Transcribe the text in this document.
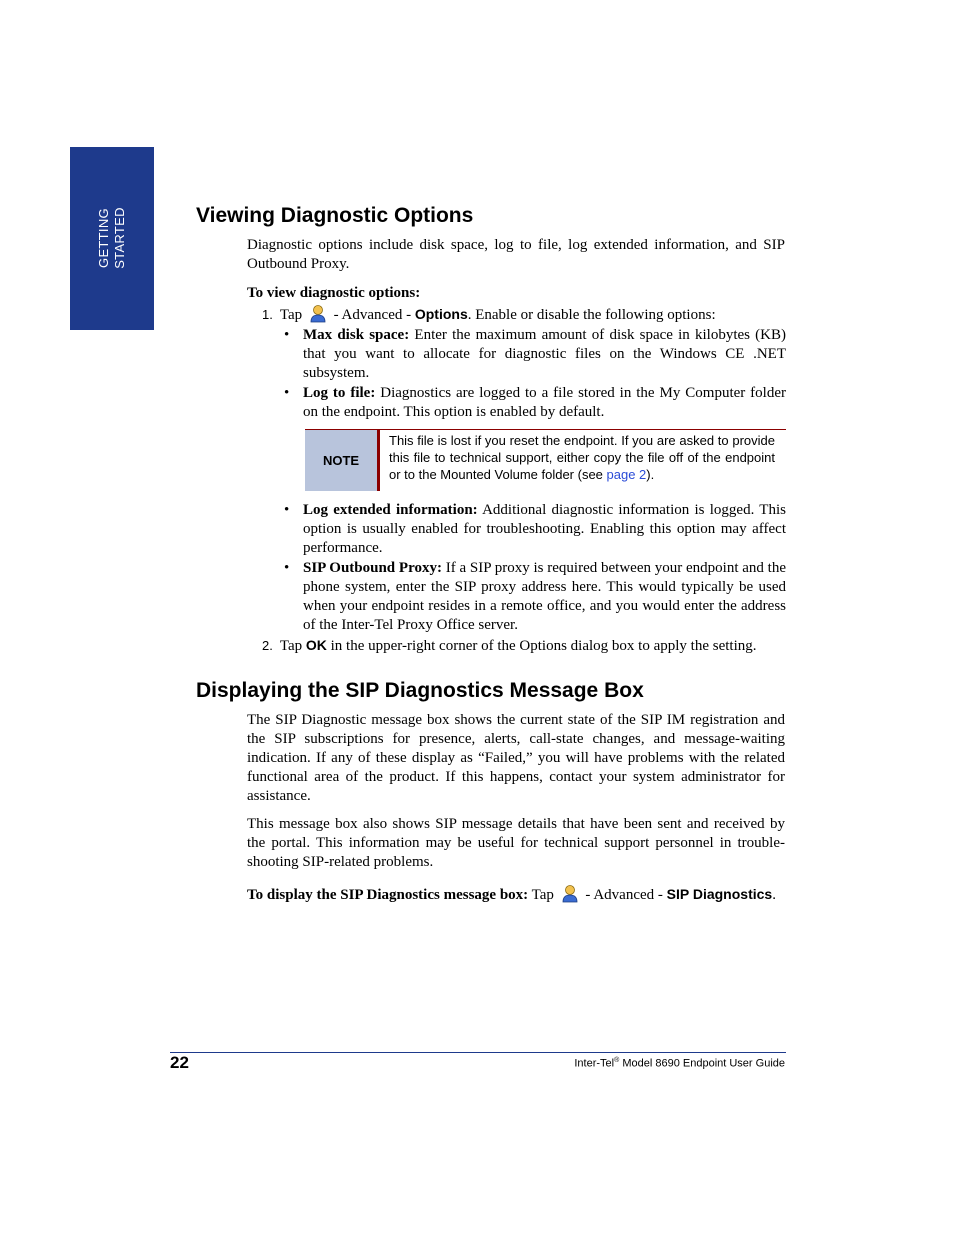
GETTING STARTED	Viewing Diagnostic Options

Diagnostic options include disk space, log to file, log extended information, and SIP Outbound Proxy.

To view diagnostic options:

1. Tap - Advanced - Options. Enable or disable the following options:
• Max disk space: Enter the maximum amount of disk space in kilobytes (KB) that you want to allocate for diagnostic files on the Windows CE .NET subsystem.
• Log to file: Diagnostics are logged to a file stored in the My Computer folder on the endpoint. This option is enabled by default.
NOTE
This file is lost if you reset the endpoint. If you are asked to provide this file to technical support, either copy the file off of the endpoint or to the Mounted Volume folder (see page 2).
• Log extended information: Additional diagnostic information is logged. This option is usually enabled for troubleshooting. Enabling this option may affect performance.
• SIP Outbound Proxy: If a SIP proxy is required between your endpoint and the phone system, enter the SIP proxy address here. This would typically be used when your endpoint resides in a remote office, and you would enter the address of the Inter-Tel Proxy Office server.
2. Tap OK in the upper-right corner of the Options dialog box to apply the setting.
Displaying the SIP Diagnostics Message Box

The SIP Diagnostic message box shows the current state of the SIP IM registration and the SIP subscriptions for presence, alerts, call-state changes, and message-waiting indication. If any of these display as “Failed,” you will have problems with the related functional area of the product. If this happens, contact your system administrator for assistance.

This message box also shows SIP message details that have been sent and received by the portal. This information may be useful for technical support personnel in trouble-shooting SIP-related problems.

To display the SIP Diagnostics message box: Tap - Advanced - SIP Diagnostics.

22	Inter-Tel® Model 8690 Endpoint User Guide
